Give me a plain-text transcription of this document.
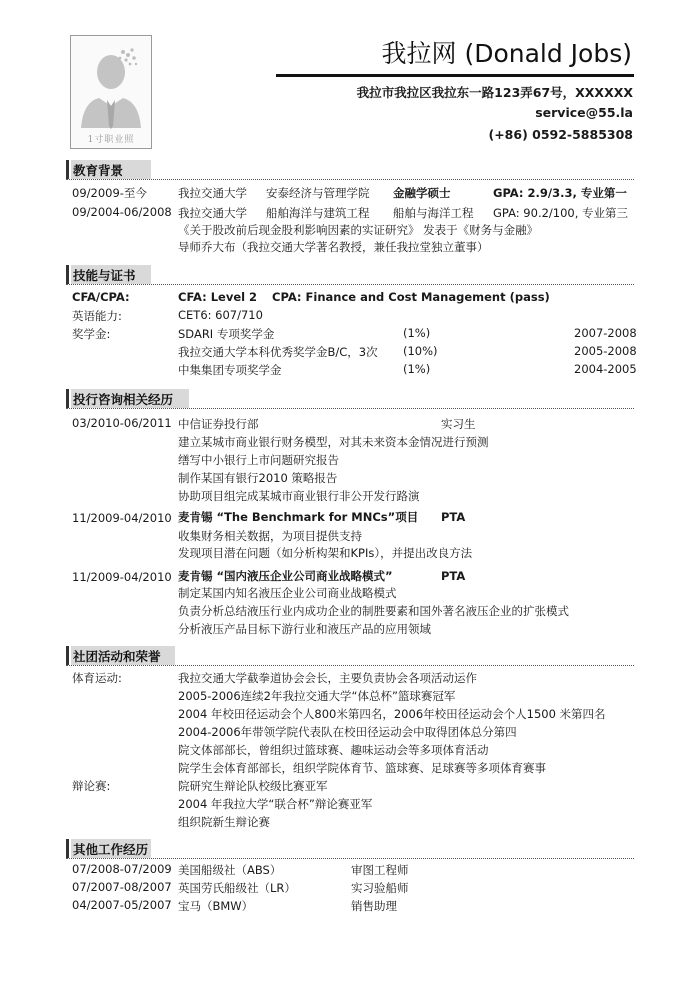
1寸职业照
我拉网 (Donald Jobs)
我拉市我拉区我拉东一路123弄67号，XXXXXX
service@55.la
(+86) 0592-5885308
教育背景
09/2009-至今	我拉交通大学 安泰经济与管理学院 金融学硕士	GPA: 2.9/3.3, 专业第一
09/2004-06/2008 我拉交通大学 船舶海洋与建筑工程 船舶与海洋工程 GPA: 90.2/100, 专业第三
《关于股改前后现金股利影响因素的实证研究》 发表于《财务与金融》
导师乔大布（我拉交通大学著名教授，兼任我拉堂独立董事）
技能与证书
CFA/CPA:	CFA: Level 2 CPA: Finance and Cost Management (pass)
英语能力:	CET6: 607/710
奖学金:	SDARI 专项奖学金	(1%)	2007-2008
我拉交通大学本科优秀奖学金B/C，3次 (10%)	2005-2008
中集集团专项奖学金	(1%)	2004-2005
投行咨询相关经历
03/2010-06/2011 中信证券投行部	实习生
建立某城市商业银行财务模型，对其未来资本金情况进行预测
缮写中小银行上市问题研究报告
制作某国有银行2010 策略报告
协助项目组完成某城市商业银行非公开发行路演
11/2009-04/2010 麦肯锡 “The Benchmark for MNCs”项目 PTA
收集财务相关数据，为项目提供支持
发现项目潜在问题（如分析构架和KPIs），并提出改良方法
11/2009-04/2010 麦肯锡 “国内液压企业公司商业战略模式”	PTA
制定某国内知名液压企业公司商业战略模式
负责分析总结液压行业内成功企业的制胜要素和国外著名液压企业的扩张模式
分析液压产品目标下游行业和液压产品的应用领域
社团活动和荣誉
体育运动:	我拉交通大学截拳道协会会长，主要负责协会各项活动运作
2005-2006连续2年我拉交通大学“体总杯”篮球赛冠军
2004 年校田径运动会个人800米第四名，2006年校田径运动会个人1500 米第四名
2004-2006年带领学院代表队在校田径运动会中取得团体总分第四
院文体部部长，曾组织过篮球赛、趣味运动会等多项体育活动
院学生会体育部部长，组织学院体育节、篮球赛、足球赛等多项体育赛事
辩论赛:	院研究生辩论队校级比赛亚军
2004 年我拉大学“联合杯”辩论赛亚军
组织院新生辩论赛
其他工作经历
07/2008-07/2009 美国船级社（ABS）	审图工程师
07/2007-08/2007 英国劳氏船级社（LR）	实习验船师
04/2007-05/2007 宝马（BMW）	销售助理
